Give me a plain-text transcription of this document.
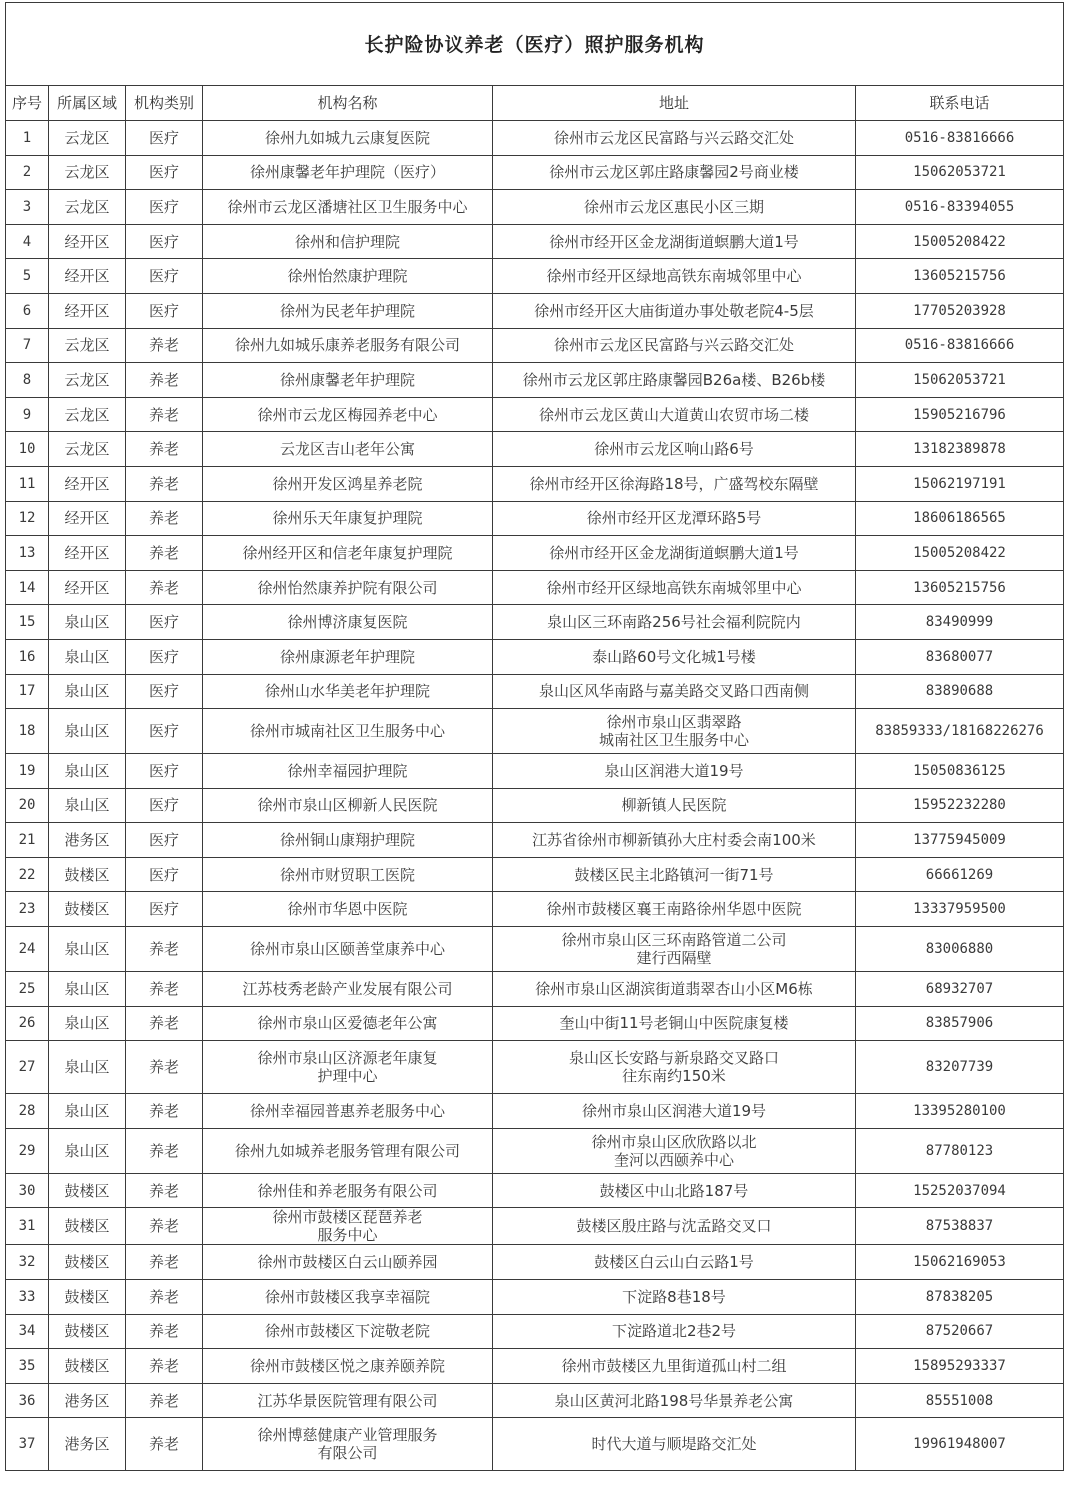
长护险协议养老（医疗）照护服务机构					
序号	所属区域	机构类别	机构名称	地址	联系电话
1	云龙区	医疗	徐州九如城九云康复医院	徐州市云龙区民富路与兴云路交汇处	0516-83816666
2	云龙区	医疗	徐州康馨老年护理院（医疗）	徐州市云龙区郭庄路康馨园2号商业楼	15062053721
3	云龙区	医疗	徐州市云龙区潘塘社区卫生服务中心	徐州市云龙区惠民小区三期	0516-83394055
4	经开区	医疗	徐州和信护理院	徐州市经开区金龙湖街道螟鹏大道1号	15005208422
5	经开区	医疗	徐州怡然康护理院	徐州市经开区绿地高铁东南城邻里中心	13605215756
6	经开区	医疗	徐州为民老年护理院	徐州市经开区大庙街道办事处敬老院4-5层	17705203928
7	云龙区	养老	徐州九如城乐康养老服务有限公司	徐州市云龙区民富路与兴云路交汇处	0516-83816666
8	云龙区	养老	徐州康馨老年护理院	徐州市云龙区郭庄路康馨园B26a楼、B26b楼	15062053721
9	云龙区	养老	徐州市云龙区梅园养老中心	徐州市云龙区黄山大道黄山农贸市场二楼	15905216796
10	云龙区	养老	云龙区吉山老年公寓	徐州市云龙区响山路6号	13182389878
11	经开区	养老	徐州开发区鸿星养老院	徐州市经开区徐海路18号，广盛驾校东隔壁	15062197191
12	经开区	养老	徐州乐天年康复护理院	徐州市经开区龙潭环路5号	18606186565
13	经开区	养老	徐州经开区和信老年康复护理院	徐州市经开区金龙湖街道螟鹏大道1号	15005208422
14	经开区	养老	徐州怡然康养护院有限公司	徐州市经开区绿地高铁东南城邻里中心	13605215756
15	泉山区	医疗	徐州博济康复医院	泉山区三环南路256号社会福利院院内	83490999
16	泉山区	医疗	徐州康源老年护理院	泰山路60号文化城1号楼	83680077
17	泉山区	医疗	徐州山水华美老年护理院	泉山区风华南路与嘉美路交叉路口西南侧	83890688
18	泉山区	医疗	徐州市城南社区卫生服务中心	徐州市泉山区翡翠路
城南社区卫生服务中心	83859333/18168226276
19	泉山区	医疗	徐州幸福园护理院	泉山区润港大道19号	15050836125
20	泉山区	医疗	徐州市泉山区柳新人民医院	柳新镇人民医院	15952232280
21	港务区	医疗	徐州铜山康翔护理院	江苏省徐州市柳新镇孙大庄村委会南100米	13775945009
22	鼓楼区	医疗	徐州市财贸职工医院	鼓楼区民主北路镇河一街71号	66661269
23	鼓楼区	医疗	徐州市华恩中医院	徐州市鼓楼区襄王南路徐州华恩中医院	13337959500
24	泉山区	养老	徐州市泉山区颐善堂康养中心	徐州市泉山区三环南路管道二公司
建行西隔壁	83006880
25	泉山区	养老	江苏枝秀老龄产业发展有限公司	徐州市泉山区湖滨街道翡翠杏山小区M6栋	68932707
26	泉山区	养老	徐州市泉山区爱德老年公寓	奎山中街11号老铜山中医院康复楼	83857906
27	泉山区	养老	徐州市泉山区济源老年康复
护理中心	泉山区长安路与新泉路交叉路口
往东南约150米	83207739
28	泉山区	养老	徐州幸福园普惠养老服务中心	徐州市泉山区润港大道19号	13395280100
29	泉山区	养老	徐州九如城养老服务管理有限公司	徐州市泉山区欣欣路以北
奎河以西颐养中心	87780123
30	鼓楼区	养老	徐州佳和养老服务有限公司	鼓楼区中山北路187号	15252037094
31	鼓楼区	养老	徐州市鼓楼区琵琶养老
服务中心	鼓楼区殷庄路与沈孟路交叉口	87538837
32	鼓楼区	养老	徐州市鼓楼区白云山颐养园	鼓楼区白云山白云路1号	15062169053
33	鼓楼区	养老	徐州市鼓楼区我享幸福院	下淀路8巷18号	87838205
34	鼓楼区	养老	徐州市鼓楼区下淀敬老院	下淀路道北2巷2号	87520667
35	鼓楼区	养老	徐州市鼓楼区悦之康养颐养院	徐州市鼓楼区九里街道孤山村二组	15895293337
36	港务区	养老	江苏华景医院管理有限公司	泉山区黄河北路198号华景养老公寓	85551008
37	港务区	养老	徐州博慈健康产业管理服务
有限公司	时代大道与顺堤路交汇处	19961948007
